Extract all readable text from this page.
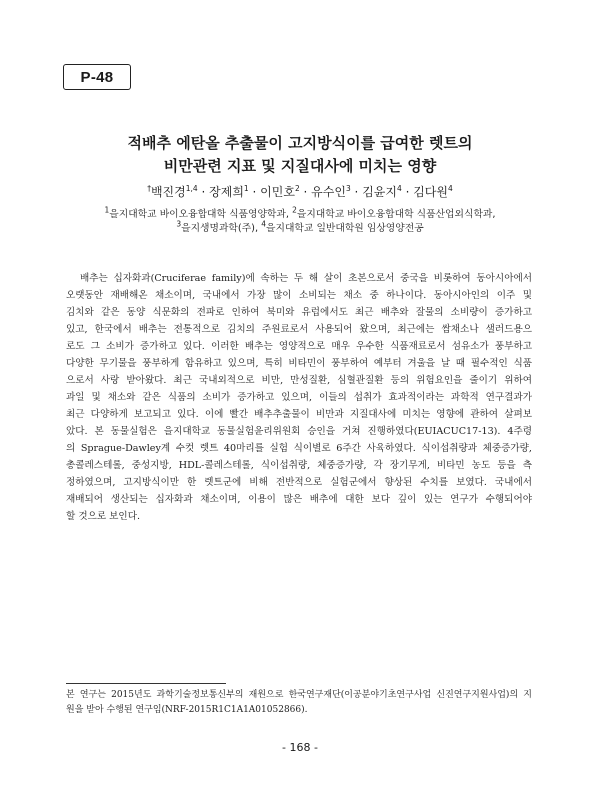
P-48
적배추 에탄올 추출물이 고지방식이를 급여한 렛트의
비만관련 지표 및 지질대사에 미치는 영향
†백진경$^{1,4}$ · 장제희$^1$ · 이민호$^2$ · 유수인$^3$ · 김윤지$^4$ · 김다원$^4$
$^1$을지대학교 바이오융합대학 식품영양학과, $^2$을지대학교 바이오융합대학 식품산업외식학과,
$^3$을지생명과학(주), $^4$을지대학교 일반대학원 임상영양전공
배추는 십자화과(Cruciferae family)에 속하는 두 해 살이 초본으로서 중국을 비롯하여 동아시아에서
오랫동안 재배해온 채소이며, 국내에서 가장 많이 소비되는 채소 중 하나이다. 동아시아인의 이주 및
김치와 같은 동양 식문화의 전파로 인하여 북미와 유럽에서도 최근 배추와 잘물의 소비량이 증가하고
있고, 한국에서 배추는 전통적으로 김치의 주원료로서 사용되어 왔으며, 최근에는 쌈채소나 샐러드용으
로도 그 소비가 증가하고 있다. 이러한 배추는 영양적으로 매우 우수한 식품재료로서 섬유소가 풍부하고
다양한 무기물을 풍부하게 함유하고 있으며, 특히 비타민이 풍부하여 예부터 겨울을 날 때 필수적인 식품
으로서 사랑 받아왔다. 최근 국내외적으로 비만, 만성질환, 심혈관질환 등의 위험요인을 줄이기 위하여
과일 및 채소와 같은 식품의 소비가 증가하고 있으며, 이들의 섭취가 효과적이라는 과학적 연구결과가
최근 다양하게 보고되고 있다. 이에 빨간 배추추출물이 비만과 지질대사에 미치는 영향에 관하여 살펴보
았다. 본 동물실험은 을지대학교 동물실험윤리위원회 승인을 거쳐 진행하였다(EUIACUC17-13). 4주령
의 Sprague-Dawley계 수컷 렛트 40마리를 실험 식이별로 6주간 사육하였다. 식이섭취량과 체중증가량,
총콜레스테롤, 중성지방, HDL-콜레스테롤, 식이섭취량, 체중증가량, 각 장기무게, 비타민 농도 등을 측
정하였으며, 고지방식이만 한 렛트군에 비해 전반적으로 실험군에서 향상된 수치를 보였다. 국내에서
재배되어 생산되는 십자화과 채소이며, 이용이 많은 배추에 대한 보다 깊이 있는 연구가 수행되어야
할 것으로 보인다.
본 연구는 2015년도 과학기술정보통신부의 재원으로 한국연구재단(이공분야기초연구사업 신진연구지원사업)의 지
원을 받아 수행된 연구임(NRF-2015R1C1A1A01052866).
- 168 -
